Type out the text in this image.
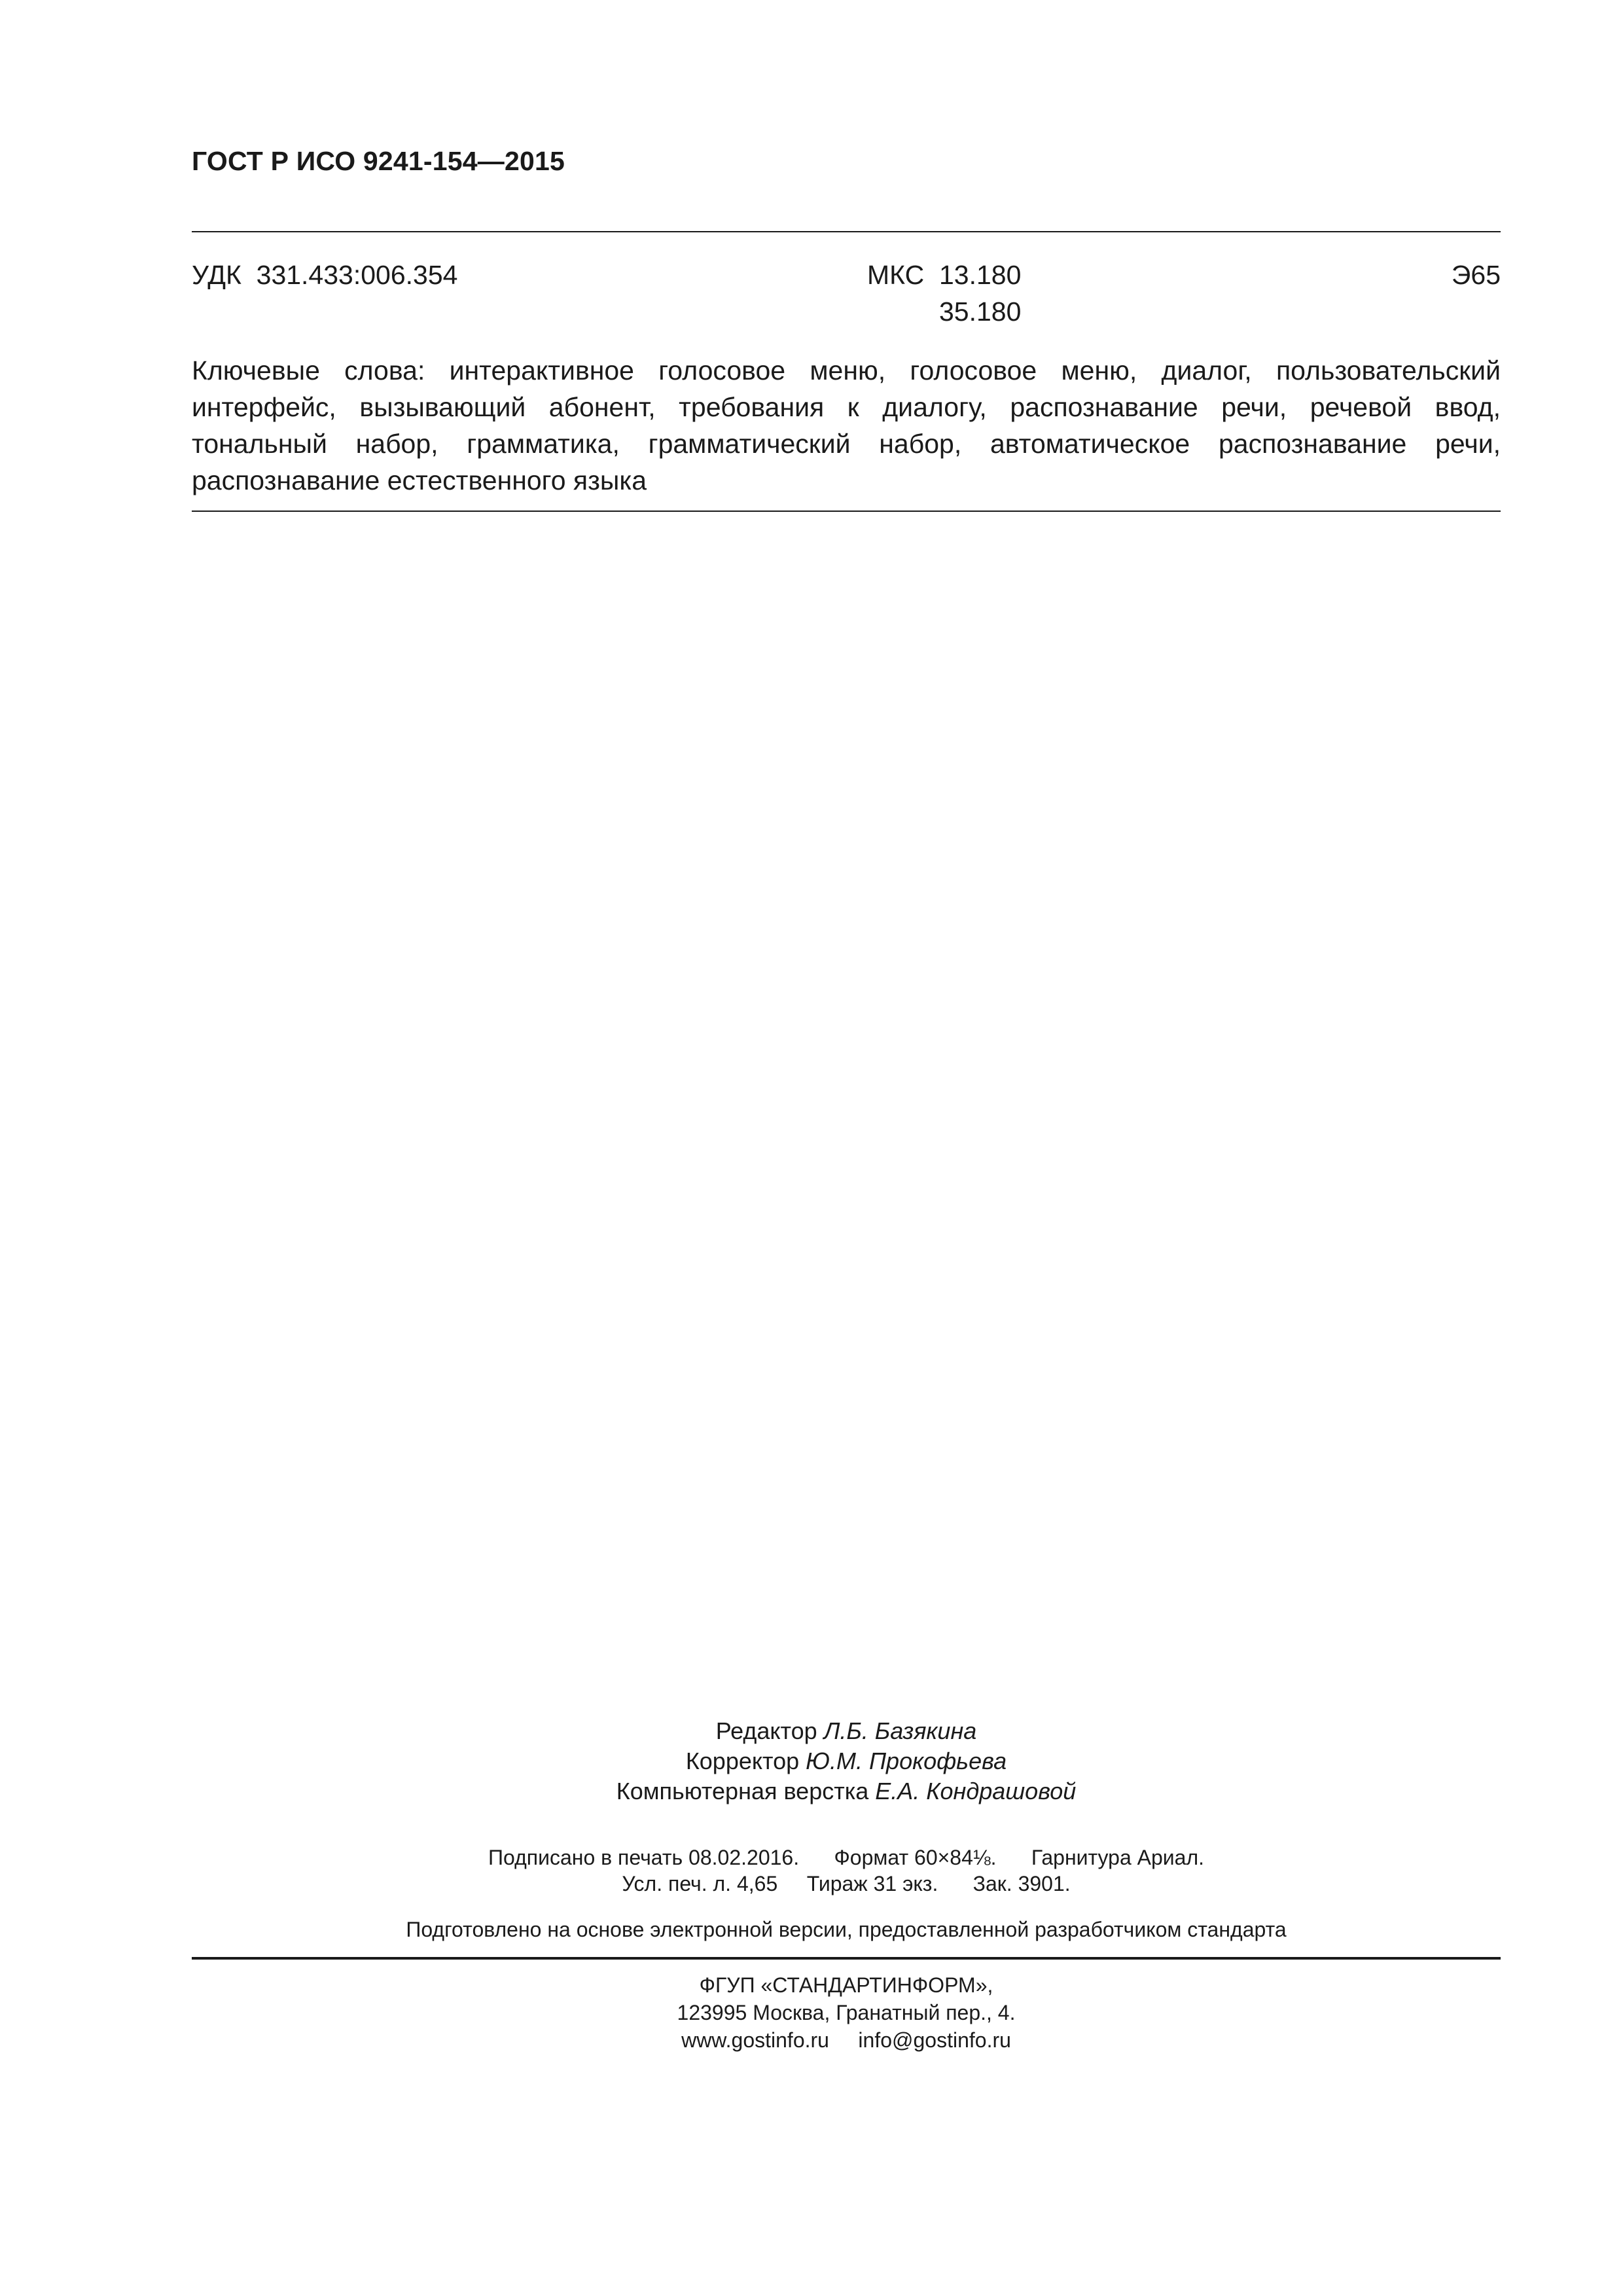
ГОСТ Р ИСО 9241-154—2015
УДК  331.433:006.354	МКС  13.180
35.180
Э65
Ключевые слова: интерактивное голосовое меню, голосовое меню, диалог, пользовательский интерфейс, вызывающий абонент, требования к диалогу, распознавание речи, речевой ввод, тональный набор, грамматика, грамматический набор, автоматическое распознавание речи, распознавание естественного языка
Редактор Л.Б. Базякина
Корректор Ю.М. Прокофьева
Компьютерная верстка Е.А. Кондрашовой
Подписано в печать 08.02.2016.      Формат 60×84⅛.      Гарнитура Ариал.
Усл. печ. л. 4,65     Тираж 31 экз.      Зак. 3901.
Подготовлено на основе электронной версии, предоставленной разработчиком стандарта
ФГУП «СТАНДАРТИНФОРМ»,
123995 Москва, Гранатный пер., 4.
www.gostinfo.ru     info@gostinfo.ru
